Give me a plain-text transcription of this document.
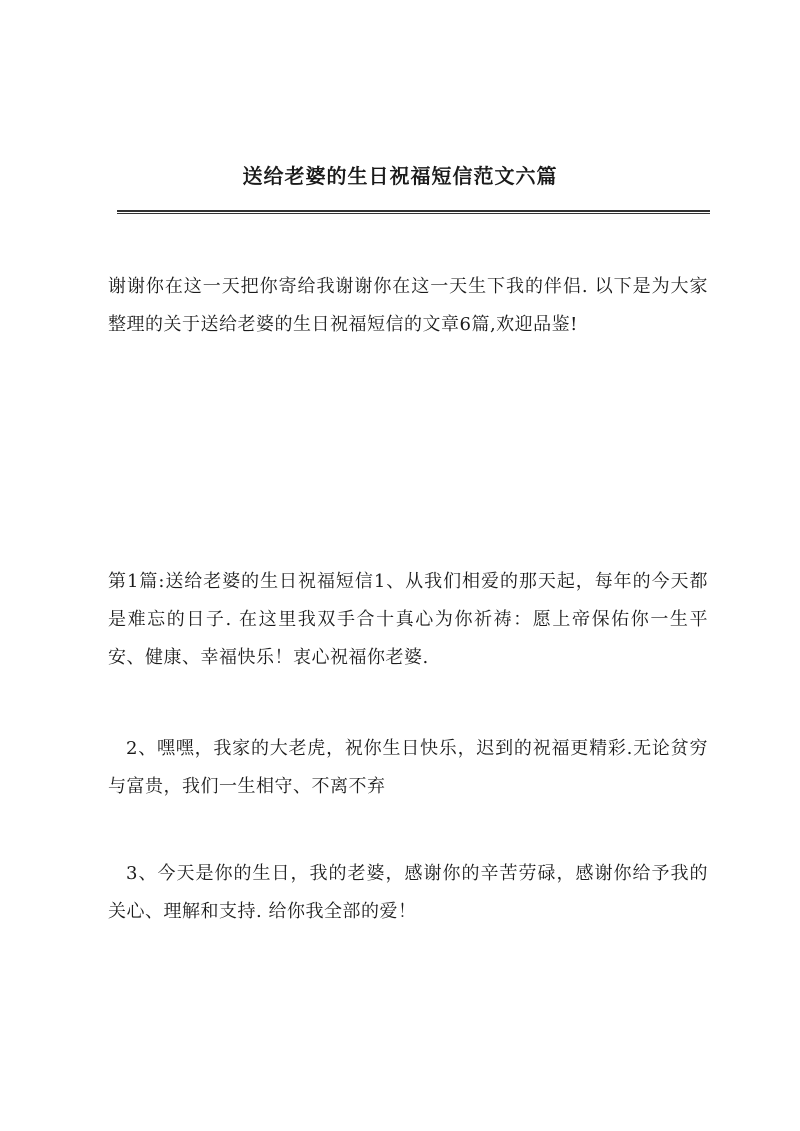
送给老婆的生日祝福短信范文六篇

谢谢你在这一天把你寄给我谢谢你在这一天生下我的伴侣. 以下是为大家整理的关于送给老婆的生日祝福短信的文章6篇,欢迎品鉴!

第1篇:送给老婆的生日祝福短信1、从我们相爱的那天起，每年的今天都是难忘的日子. 在这里我双手合十真心为你祈祷：愿上帝保佑你一生平安、健康、幸福快乐！衷心祝福你老婆.

2、嘿嘿，我家的大老虎，祝你生日快乐，迟到的祝福更精彩.无论贫穷与富贵，我们一生相守、不离不弃

3、今天是你的生日，我的老婆，感谢你的辛苦劳碌，感谢你给予我的关心、理解和支持. 给你我全部的爱！
